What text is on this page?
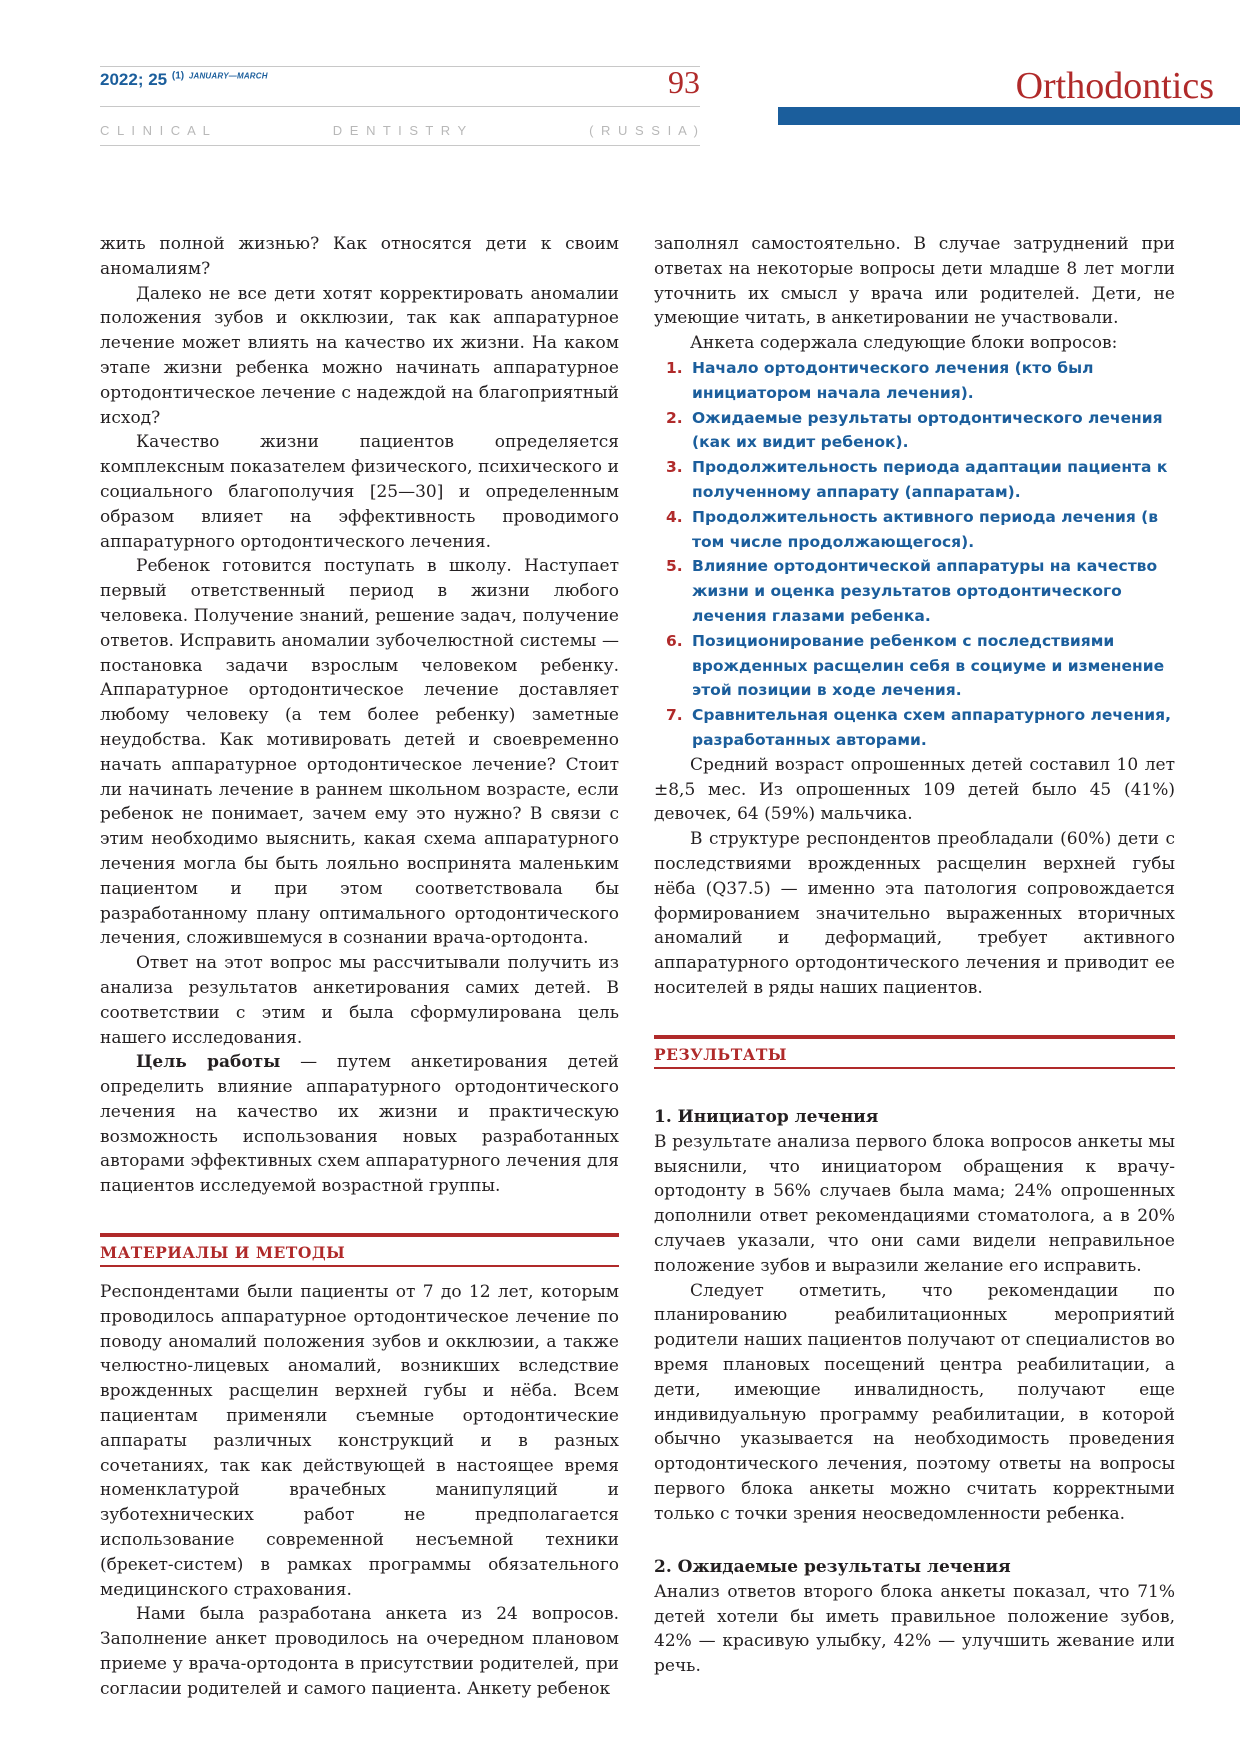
2022; 25 $^{(1)}$ $^{JANUARY—MARCH}$	93
C L I N I C A L	D E N T I S T R Y	( R U S S I A )
Orthodontics

жить полной жизнью? Как относятся дети к своим аномалиям?

Далеко не все дети хотят корректировать аномалии положения зубов и окклюзии, так как аппаратурное лечение может влиять на качество их жизни. На каком этапе жизни ребенка можно начинать аппаратурное ортодонтическое лечение с надеждой на благоприятный исход?

Качество жизни пациентов определяется комплексным показателем физического, психического и социального благополучия [25—30] и определенным образом влияет на эффективность проводимого аппаратурного ортодонтического лечения.

Ребенок готовится поступать в школу. Наступает первый ответственный период в жизни любого человека. Получение знаний, решение задач, получение ответов. Исправить аномалии зубочелюстной системы — постановка задачи взрослым человеком ребенку. Аппаратурное ортодонтическое лечение доставляет любому человеку (а тем более ребенку) заметные неудобства. Как мотивировать детей и своевременно начать аппаратурное ортодонтическое лечение? Стоит ли начинать лечение в раннем школьном возрасте, если ребенок не понимает, зачем ему это нужно? В связи с этим необходимо выяснить, какая схема аппаратурного лечения могла бы быть лояльно воспринята маленьким пациентом и при этом соответствовала бы разработанному плану оптимального ортодонтического лечения, сложившемуся в сознании врача-ортодонта.

Ответ на этот вопрос мы рассчитывали получить из анализа результатов анкетирования самих детей. В соответствии с этим и была сформулирована цель нашего исследования.

Цель работы — путем анкетирования детей определить влияние аппаратурного ортодонтического лечения на качество их жизни и практическую возможность использования новых разработанных авторами эффективных схем аппаратурного лечения для пациентов исследуемой возрастной группы.

МАТЕРИАЛЫ И МЕТОДЫ

Респондентами были пациенты от 7 до 12 лет, которым проводилось аппаратурное ортодонтическое лечение по поводу аномалий положения зубов и окклюзии, а также челюстно-лицевых аномалий, возникших вследствие врожденных расщелин верхней губы и нёба. Всем пациентам применяли съемные ортодонтические аппараты различных конструкций и в разных сочетаниях, так как действующей в настоящее время номенклатурой врачебных манипуляций и зуботехнических работ не предполагается использование современной несъемной техники (брекет-систем) в рамках программы обязательного медицинского страхования.

Нами была разработана анкета из 24 вопросов. Заполнение анкет проводилось на очередном плановом приеме у врача-ортодонта в присутствии родителей, при согласии родителей и самого пациента. Анкету ребенок

заполнял самостоятельно. В случае затруднений при ответах на некоторые вопросы дети младше 8 лет могли уточнить их смысл у врача или родителей. Дети, не умеющие читать, в анкетировании не участвовали.

Анкета содержала следующие блоки вопросов:

1. Начало ортодонтического лечения (кто был инициатором начала лечения).
2. Ожидаемые результаты ортодонтического лечения (как их видит ребенок).
3. Продолжительность периода адаптации пациента к полученному аппарату (аппаратам).
4. Продолжительность активного периода лечения (в том числе продолжающегося).
5. Влияние ортодонтической аппаратуры на качество жизни и оценка результатов ортодонтического лечения глазами ребенка.
6. Позиционирование ребенком с последствиями врожденных расщелин себя в социуме и изменение этой позиции в ходе лечения.
7. Сравнительная оценка схем аппаратурного лечения, разработанных авторами.

Средний возраст опрошенных детей составил 10 лет ±8,5 мес. Из опрошенных 109 детей было 45 (41%) девочек, 64 (59%) мальчика.

В структуре респондентов преобладали (60%) дети с последствиями врожденных расщелин верхней губы нёба (Q37.5) — именно эта патология сопровождается формированием значительно выраженных вторичных аномалий и деформаций, требует активного аппаратурного ортодонтического лечения и приводит ее носителей в ряды наших пациентов.

РЕЗУЛЬТАТЫ

1. Инициатор лечения

В результате анализа первого блока вопросов анкеты мы выяснили, что инициатором обращения к врачу-ортодонту в 56% случаев была мама; 24% опрошенных дополнили ответ рекомендациями стоматолога, а в 20% случаев указали, что они сами видели неправильное положение зубов и выразили желание его исправить.

Следует отметить, что рекомендации по планированию реабилитационных мероприятий родители наших пациентов получают от специалистов во время плановых посещений центра реабилитации, а дети, имеющие инвалидность, получают еще индивидуальную программу реабилитации, в которой обычно указывается на необходимость проведения ортодонтического лечения, поэтому ответы на вопросы первого блока анкеты можно считать корректными только с точки зрения неосведомленности ребенка.

2. Ожидаемые результаты лечения

Анализ ответов второго блока анкеты показал, что 71% детей хотели бы иметь правильное положение зубов, 42% — красивую улыбку, 42% — улучшить жевание или речь.
